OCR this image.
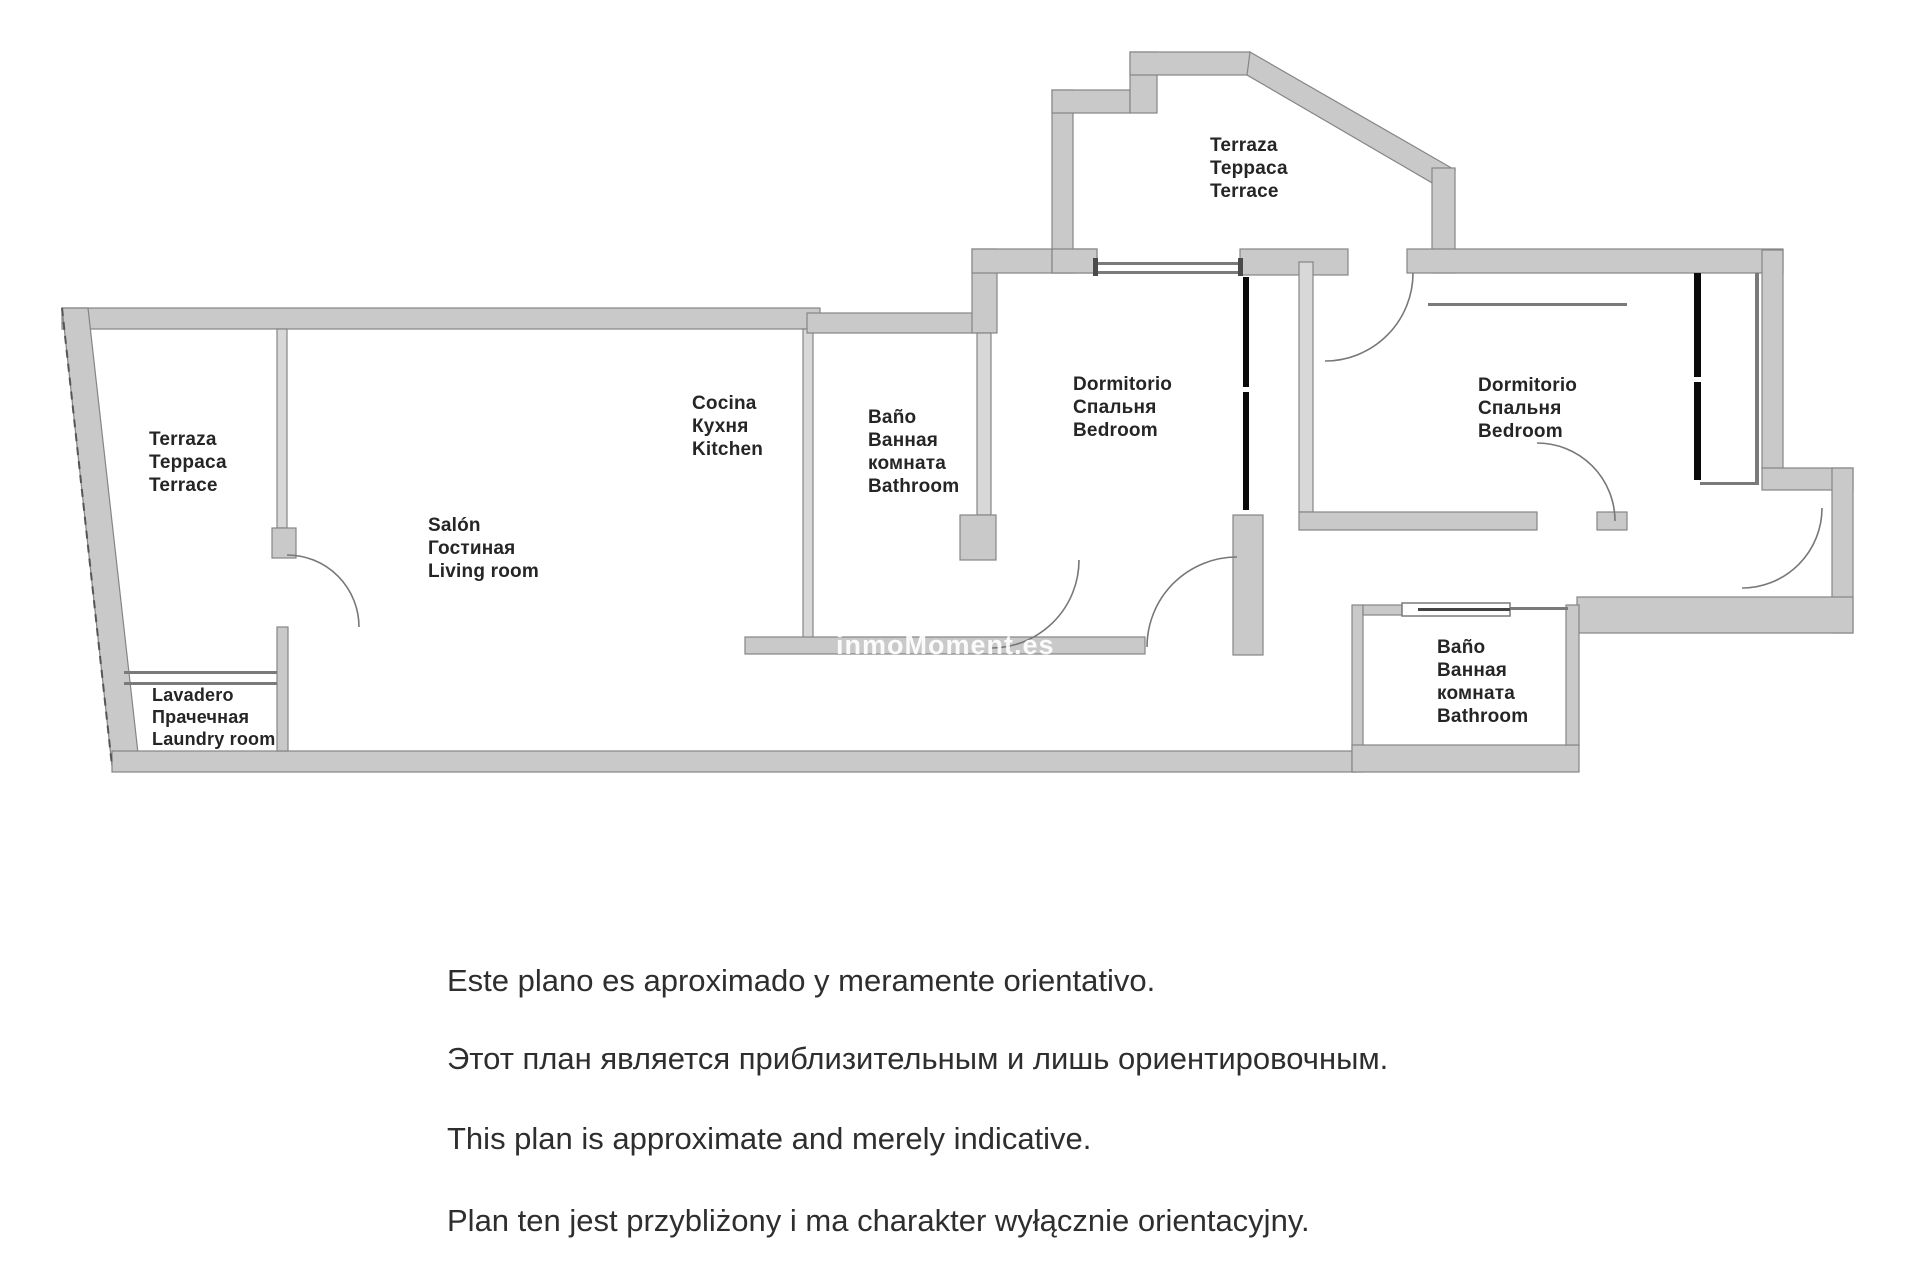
Terraza
Терраса
Terrace
Terraza
Терраса
Terrace
Cocina
Кухня
Kitchen
Baño
Ванная
комната
Bathroom
Salón
Гостиная
Living room
Lavadero
Прачечная
Laundry room
Dormitorio
Спальня
Bedroom
Dormitorio
Спальня
Bedroom
Baño
Ванная
комната
Bathroom
inmoMoment.es
Este plano es aproximado y meramente orientativo.
Этот план является приблизительным и лишь ориентировочным.
This plan is approximate and merely indicative.
Plan ten jest przybliżony i ma charakter wyłącznie orientacyjny.
